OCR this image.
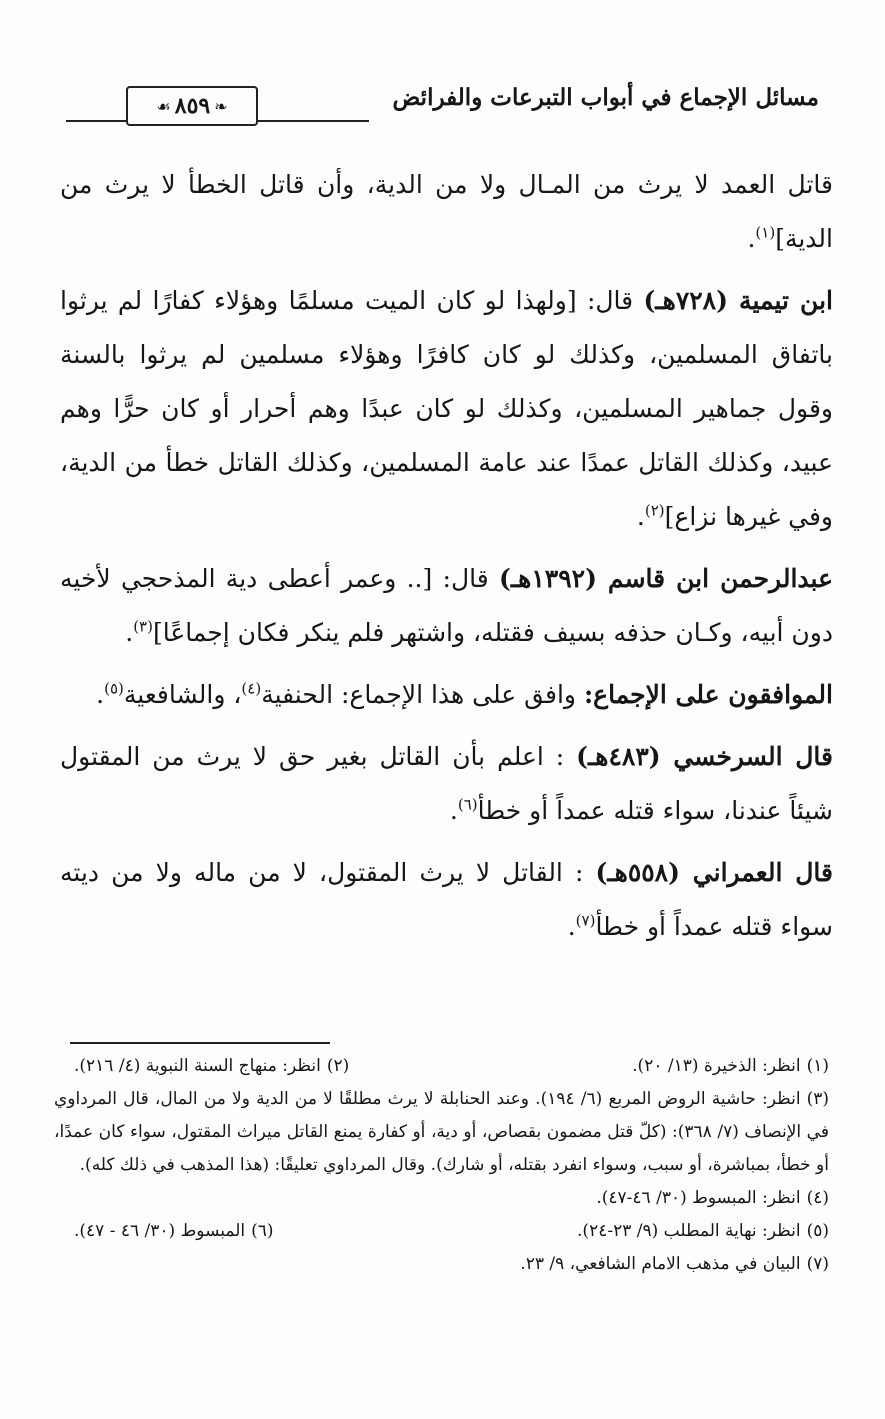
❧
٨٥٩
☙	مسائل الإجماع في أبواب التبرعات والفرائض

قاتل العمد لا يرث من المـال ولا من الدية، وأن قاتل الخطأ لا يرث من الدية]$^{(١)}$.

ابن تيمية (٧٢٨هـ) قال: [ولهذا لو كان الميت مسلمًا وهؤلاء كفارًا لم يرثوا باتفاق المسلمين، وكذلك لو كان كافرًا وهؤلاء مسلمين لم يرثوا بالسنة وقول جماهير المسلمين، وكذلك لو كان عبدًا وهم أحرار أو كان حرًّا وهم عبيد، وكذلك القاتل عمدًا عند عامة المسلمين، وكذلك القاتل خطأ من الدية، وفي غيرها نزاع]$^{(٢)}$.

عبدالرحمن ابن قاسم (١٣٩٢هـ) قال: [.. وعمر أعطى دية المذحجي لأخيه دون أبيه، وكـان حذفه بسيف فقتله، واشتهر فلم ينكر فكان إجماعًا]$^{(٣)}$.

الموافقون على الإجماع: وافق على هذا الإجماع: الحنفية$^{(٤)}$، والشافعية$^{(٥)}$.

قال السرخسي (٤٨٣هـ) : اعلم بأن القاتل بغير حق لا يرث من المقتول شيئاً عندنا، سواء قتله عمداً أو خطأ$^{(٦)}$.

قال العمراني (٥٥٨هـ) : القاتل لا يرث المقتول، لا من ماله ولا من ديته سواء قتله عمداً أو خطأ$^{(٧)}$.

(١)انظر: الذخيرة (١٣/ ٢٠).
(٢)انظر: منهاج السنة النبوية (٤/ ٢١٦).
(٣)انظر: حاشية الروض المربع (٦/ ١٩٤). وعند الحنابلة لا يرث مطلقًا لا من الدية ولا من المال، قال المرداوي في الإنصاف (٧/ ٣٦٨): (كلّ قتل مضمون بقصاص، أو دية، أو كفارة يمنع القاتل ميراث المقتول، سواء كان عمدًا، أو خطأ، بمباشرة، أو سبب، وسواء انفرد بقتله، أو شارك). وقال المرداوي تعليقًا: (هذا المذهب في ذلك كله).
(٤)انظر: المبسوط (٣٠/ ٤٦-٤٧).
(٥)انظر: نهاية المطلب (٩/ ٢٣-٢٤).
(٦)المبسوط (٣٠/ ٤٦ - ٤٧).
(٧)البيان في مذهب الامام الشافعي، ٩/ ٢٣.
